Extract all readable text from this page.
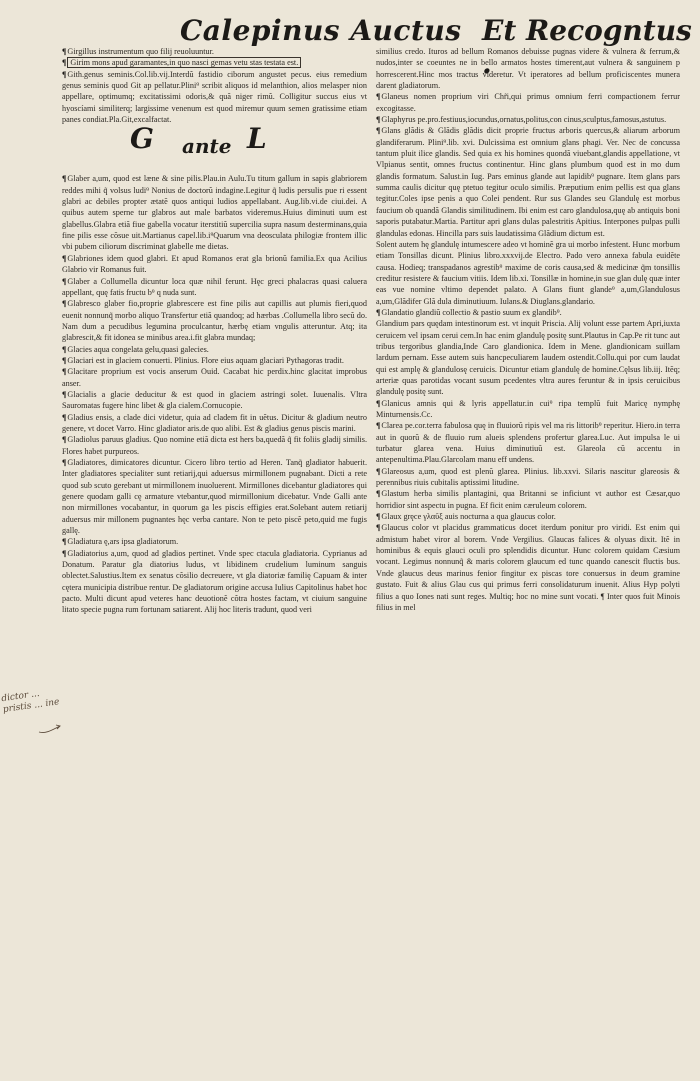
Calepinus Auctus Et Recogntus .
dictor ... pristis ... ine

¶Girgillus instrumentum quo filij reuoluuntur.

¶ Girim mons apud garamantes,in quo nasci gemas vetu stas testata est.

¶Gith.genus seminis.Col.lib.vij.Interdũ fastidio ciborum angustet pecus. eius remedium genus seminis quod Git ap pellatur.Plini⁹ scribit aliquos id melanthion, alios melasper nion appellare, optimumq; excitatissimi odoris,& quã niger rimũ. Colligitur succus eius vt hyoscíami similiterq; largissime venenum est quod miremur quum semen gratissime etiam panes condiat.Pla.Git,excalfactat.

G ante L

¶Glaber a,um, quod est læne & sine pilis.Plau.in Aulu.Tu titum gallum in sapis glabriorem reddes mihi q̃ volsus ludi⁹ Nonius de doctorũ indagine.Legitur q̃ ludis persulis pue ri essent glabri ac debiles propter ætatẽ quos antiqui ludios appellabant. Aug.lib.vi.de ciui.dei. A quibus autem sperne tur glabros aut male barbatos videremus.Huius diminuti uum est glabellus.Glabra etiã fiue gabella vocatur iterstitiũ supercilia supra nasum desterminans,quia fine pilis esse cõsue uit.Martianus capel.lib.i⁹Quarum vna deosculata philogiæ frontem illic vbi pubem ciliorum discriminat glabelle me dietas.

¶Glabriones idem quod glabri. Et apud Romanos erat gla brionũ familia.Ex qua Acilius Glabrio vir Romanus fuit.

¶Glaber a Collumella dicuntur loca quæ nihil ferunt. Hęc greci phalacras quasi caluera appellant, quę fatis fructu b⁹ q nuda sunt.

¶Glabresco glaber fio,proprie glabrescere est fine pilis aut capillis aut plumis fieri,quod euenit nonnunq̃ morbo aliquo Transfertur etiã quandoq; ad hærbas .Collumella libro secũ do. Nam dum a pecudibus legumina proculcantur, hærbę etiam vngulis atteruntur. Atq; ita glabrescit,& fit idonea se minibus area.i.fit glabra mundaq;

¶Glacies aqua congelata gelu,quasi galecies.

¶Glaciari est in glaciem conuerti. Plinius. Flore eius aquam glaciari Pythagoras tradit.

¶Glacitare proprium est vocis anserum Ouid. Cacabat hic perdix.hinc glacitat improbus anser.

¶Glacialis a glacie deducitur & est quod in glaciem astringi solet. Iuuenalis. Vltra Sauromatas fugere hinc libet & gla cialem.Cornucopie.

¶Gladius ensis, a clade dici videtur, quia ad cladem fit in uẽtus. Dicitur & gladium neutro genere, vt docet Varro. Hinc gladiator aris.de quo alibi. Est & gladius genus piscis marini.

¶Gladiolus paruus gladius. Quo nomine etiã dicta est hers ba,quedã q̃ fit foliis gladij similis. Flores habet purpureos.

¶Gladiatores, dimicatores dicuntur. Cicero libro tertio ad Heren. Tanq̃ gladiator habuerit. Inter gladiatores specialiter sunt retiarij,qui aduersus mirmillonem pugnabant. Dicti a rete quod sub scuto gerebant ut mirmillonem inuoluerent. Mirmillones dicebantur gladiatores qui genere quodam galli cę armature vtebantur,quod mirmillonium dicebatur. Vnde Galli ante non mirmillones vocabantur, in quorum ga les piscis effigies erat.Solebant autem retiarij aduersus mir millonem pugnantes hęc verba cantare. Non te peto piscẽ peto,quid me fugis gallę.

¶Gladiatura ę,ars ipsa gladiatorum.

¶Gladiatorius a,um, quod ad gladios pertinet. Vnde spec ctacula gladiatoria. Cyprianus ad Donatum. Paratur gla diatorius ludus, vt libidinem crudelium luminum sanguis oblectet.Salustius.Item ex senatus cõsilio decreuere, vt gla diatoriæ familię Capuam & inter cętera municipia distribue rentur. De gladiatorum origine accusa Iulius Capitolinus habet hoc pacto. Multi dicunt apud veteres hanc deuotionẽ cõtra hostes factam, vt ciuium sanguine litato specie pugna rum fortunam satiarent. Alij hoc literis tradunt, quod veri

similius credo. Ituros ad bellum Romanos debuisse pugnas videre & vulnera & ferrum,& nudos,inter se coeuntes ne in bello armatos hostes timerent,aut vulnera & sanguinem p horrescerent.Hinc mos tractus videretur. Vt iperatores ad bellum proficiscentes munera darent gladiatorum.

¶Glaneus nomen proprium viri Chr̃i,qui primus omnium ferri compactionem ferrur excogitasse.

¶Glaphyrus pe.pro.festiuus,iocundus,ornatus,politus,con cinus,sculptus,famosus,astutus.

¶Glans glãdis & Glãdis glãdis dicit proprie fructus arboris quercus,& aliarum arborum glandiferarum. Plini⁹.lib. xvi. Dulcissima est omnium glans phagi. Ver. Nec de concussa tantum pluit ilice glandis. Sed quia ex his homines quondã viuebant,glandis appellatione, vt Vlpianus sentit, omnes fructus continentur. Hinc glans plumbum quod est in mo dum glandis formatum. Salust.in Iug. Pars eminus glande aut lapidib⁹ pugnare. Item glans pars summa caulis dicitur quę ptetuo tegitur oculo similis. Præputium enim pellis est qua glans tegitur.Coles ipse penis a quo Colei pendent. Rur sus Glandes seu Glandulę est morbus faucium ob quandã Glandis similitudinem. Ibi enim est caro glandulosa,quę ab antiquis boni saporis putabatur.Martia. Partitur apri glans dulas palestritis Apitius. Interpones pulpas pulli glandulas edonas. Hincilla pars suis laudatissima Glãdium dictum est.

Solent autem hę glandulę intumescere adeo vt hominẽ gra ui morbo infestent. Hunc morbum etiam Tonsillas dicunt. Plinius libro.xxxvij.de Electro. Pado vero annexa fabula euidẽte causa. Hodieq; transpadanos agrestib⁹ maxime de coris causa,sed & medicinæ q̃m tonsillis creditur resistere & faucium vitiis. Idem lib.xi. Tonsillæ in homine,in sue glan dulę quæ inter eas vue nomine vltimo dependet palato. A Glans fiunt glande⁹ a,um,Glandulosus a,um,Glãdifer Glã dula diminutiuum. Iulans.& Diuglans.glandario.

¶Glandatio glandiũ collectio & pastio suum ex glandib⁹.

Glandium pars quędam intestinorum est. vt inquit Priscia. Alij volunt esse partem Apri,iuxta ceruicem vel ipsam cerui cem.In hac enim glandulę positę sunt.Plautus in Cap.Pe rit tunc aut tribus tergoribus glandia,Inde Caro glandionica. Idem in Mene. glandionicam suillam lardum pernam. Esse autem suis hancpeculiarem laudem ostendit.Collu.qui por cum laudat qui est amplę & glandulosę ceruicis. Dicuntur etiam glandulę de homine.Cęlsus lib.iij. Itẽq; arteriæ quas parotidas vocant susum pcedentes vltra aures feruntur & in ipsis ceruicibus glandulę positę sunt.

¶Glanicus amnis qui & lyris appellatur.in cui⁹ ripa templũ fuit Maricę nymphę Minturnensis.Cc.

¶Clarea pe.cor.terra fabulosa quę in fluuiorũ ripis vel ma ris littorib⁹ reperitur. Hiero.in terra aut in quorũ & de fluuio rum alueis splendens profertur glarea.Luc. Aut impulsa le ui turbatur glarea vena. Huius diminutiuũ est. Glareola cũ accentu in antepenultima.Plau.Glarcolam manu eff undens.

¶Glareosus a,um, quod est plenũ glarea. Plinius. lib.xxvi. Silaris nascitur glareosis & perennibus riuis cubitalis aptissimi litudine.

¶Glastum herba similis plantagini, qua Britanni se inficiunt vt author est Cæsar,quo horridior sint aspectu in pugna. Ef ficit enim cæruleum colorem.

¶Glaux gręce γλαῦξ auis nocturna a qua glaucus color.

¶Glaucus color vt placidus grammaticus docet iterdum ponitur pro viridi. Est enim qui admistum habet viror al borem. Vnde Vergilius. Glaucas falices & olyuas dixit. Itẽ in hominibus & equis glauci oculi pro splendidis dicuntur. Hunc colorem quidam Cæsium vocant. Legimus nonnunq̃ & maris colorem glaucum ed tunc quando canescit fluctis bus. Vnde glaucus deus marinus fenior fingitur ex piscas tore conuersus in deum gramine gustato. Fuit & alius Glau cus qui primus ferri consolidaturum inuenit. Alius Hyp polyti filius a quo Iones nati sunt reges. Multiq; hoc no mine sunt vocati. ¶ Inter quos fuit Minois filius in mel
